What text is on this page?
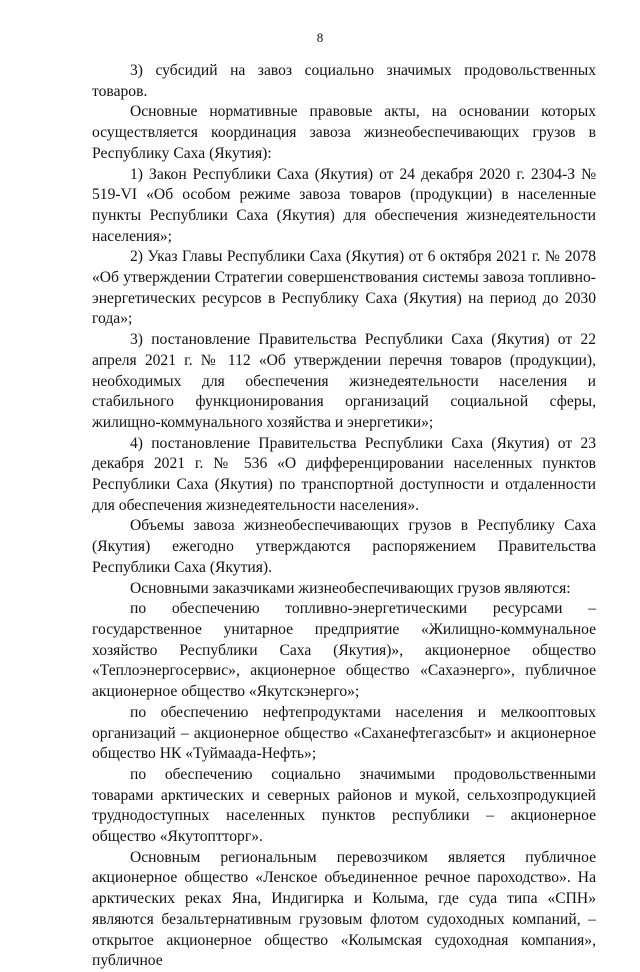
8

3) субсидий на завоз социально значимых продовольственных товаров.

Основные нормативные правовые акты, на основании которых осуществляется координация завоза жизнеобеспечивающих грузов в Республику Саха (Якутия):

1) Закон Республики Саха (Якутия) от 24 декабря 2020 г. 2304-З № 519-VI «Об особом режиме завоза товаров (продукции) в населенные пункты Республики Саха (Якутия) для обеспечения жизнедеятельности населения»;

2) Указ Главы Республики Саха (Якутия) от 6 октября 2021 г. № 2078 «Об утверждении Стратегии совершенствования системы завоза топливно-энергетических ресурсов в Республику Саха (Якутия) на период до 2030 года»;

3) постановление Правительства Республики Саха (Якутия) от 22 апреля 2021 г. № 112 «Об утверждении перечня товаров (продукции), необходимых для обеспечения жизнедеятельности населения и стабильного функционирования организаций социальной сферы, жилищно-коммунального хозяйства и энергетики»;

4) постановление Правительства Республики Саха (Якутия) от 23 декабря 2021 г. № 536 «О дифференцировании населенных пунктов Республики Саха (Якутия) по транспортной доступности и отдаленности для обеспечения жизнедеятельности населения».

Объемы завоза жизнеобеспечивающих грузов в Республику Саха (Якутия) ежегодно утверждаются распоряжением Правительства Республики Саха (Якутия).

Основными заказчиками жизнеобеспечивающих грузов являются:

по обеспечению топливно-энергетическими ресурсами – государственное унитарное предприятие «Жилищно-коммунальное хозяйство Республики Саха (Якутия)», акционерное общество «Теплоэнергосервис», акционерное общество «Сахаэнерго», публичное акционерное общество «Якутскэнерго»;

по обеспечению нефтепродуктами населения и мелкооптовых организаций – акционерное общество «Саханефтегазсбыт» и акционерное общество НК «Туймаада-Нефть»;

по обеспечению социально значимыми продовольственными товарами арктических и северных районов и мукой, сельхозпродукцией труднодоступных населенных пунктов республики – акционерное общество «Якутоптторг».

Основным региональным перевозчиком является публичное акционерное общество «Ленское объединенное речное пароходство». На арктических реках Яна, Индигирка и Колыма, где суда типа «СПН» являются безальтернативным грузовым флотом судоходных компаний, – открытое акционерное общество «Колымская судоходная компания», публичное
